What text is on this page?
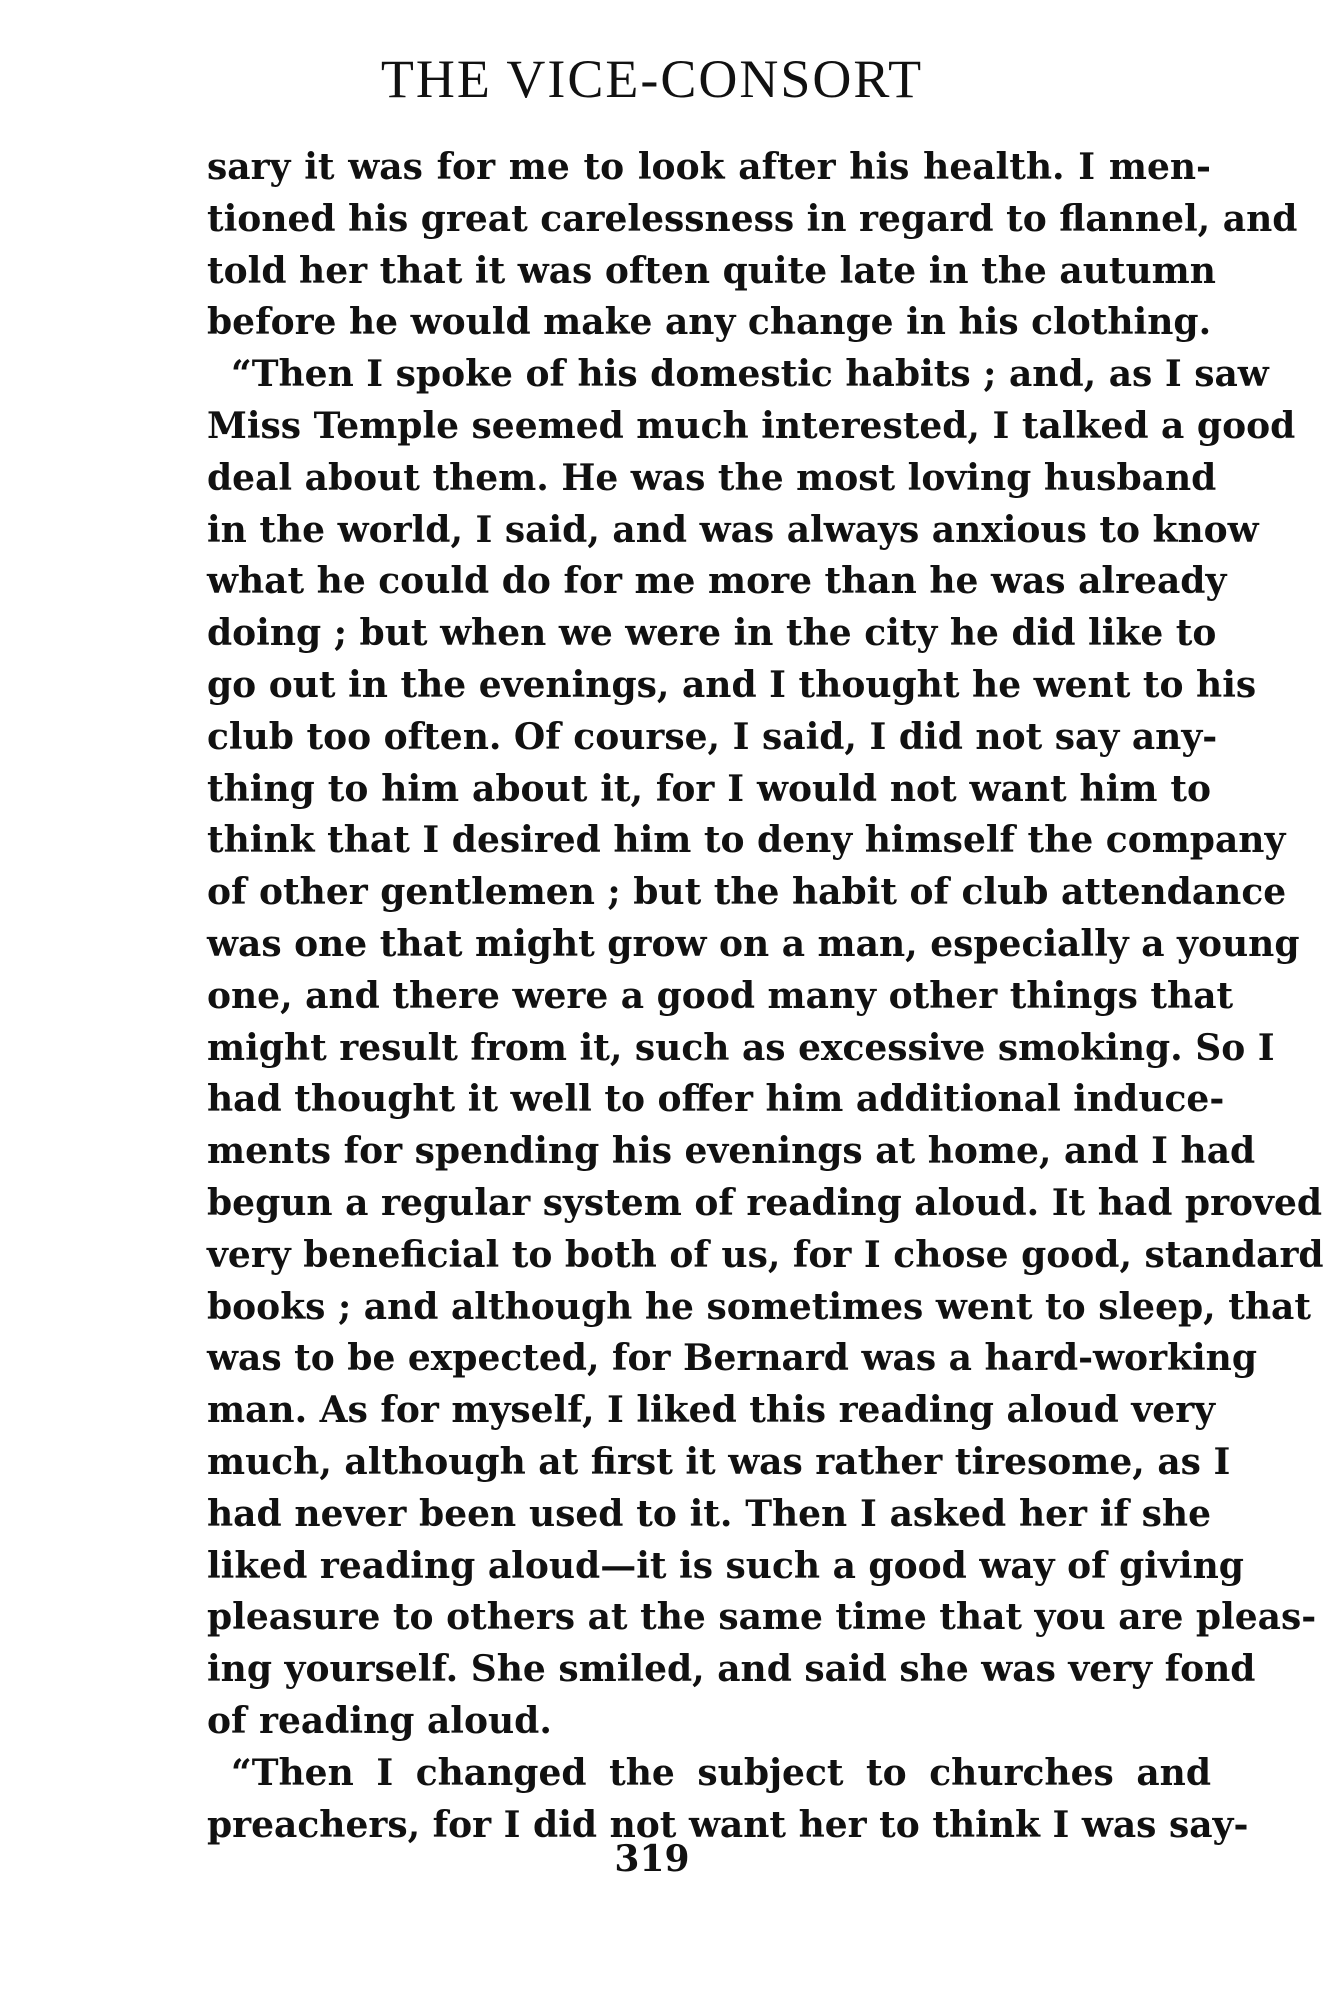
THE VICE-CONSORT
sary it was for me to look after his health. I men-
tioned his great carelessness in regard to flannel, and
told her that it was often quite late in the autumn
before he would make any change in his clothing.
“Then I spoke of his domestic habits ; and, as I saw
Miss Temple seemed much interested, I talked a good
deal about them. He was the most loving husband
in the world, I said, and was always anxious to know
what he could do for me more than he was already
doing ; but when we were in the city he did like to
go out in the evenings, and I thought he went to his
club too often. Of course, I said, I did not say any-
thing to him about it, for I would not want him to
think that I desired him to deny himself the company
of other gentlemen ; but the habit of club attendance
was one that might grow on a man, especially a young
one, and there were a good many other things that
might result from it, such as excessive smoking. So I
had thought it well to offer him additional induce-
ments for spending his evenings at home, and I had
begun a regular system of reading aloud. It had proved
very beneficial to both of us, for I chose good, standard
books ; and although he sometimes went to sleep, that
was to be expected, for Bernard was a hard-working
man. As for myself, I liked this reading aloud very
much, although at first it was rather tiresome, as I
had never been used to it. Then I asked her if she
liked reading aloud—it is such a good way of giving
pleasure to others at the same time that you are pleas-
ing yourself. She smiled, and said she was very fond
of reading aloud.
“Then I changed the subject to churches and
preachers, for I did not want her to think I was say-
319
